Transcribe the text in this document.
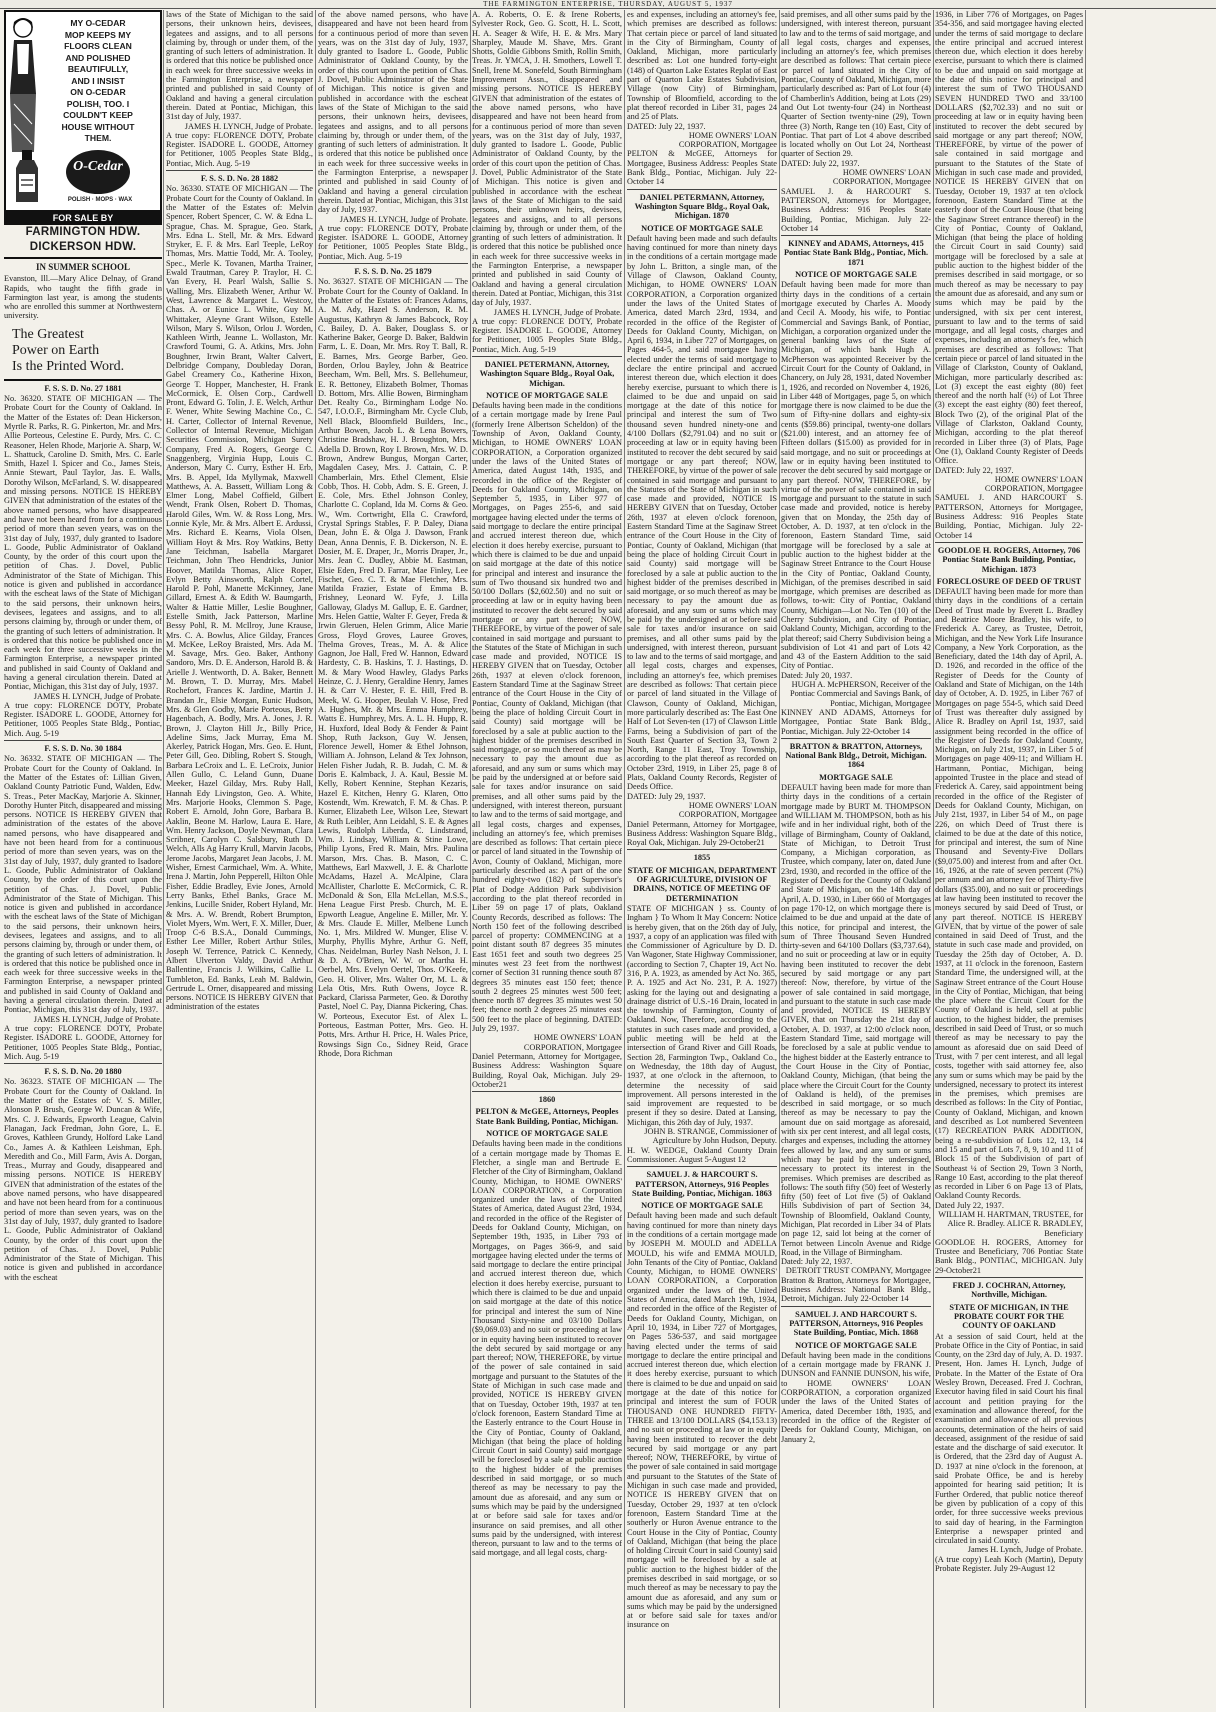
THE FARMINGTON ENTERPRISE, THURSDAY, AUGUST 5, 1937
MY O-CEDAR
MOP KEEPS MY
FLOORS CLEAN
AND POLISHED
BEAUTIFULLY,
AND I INSIST
ON O-CEDAR
POLISH, TOO. I
COULDN'T KEEP
HOUSE WITHOUT
THEM.
O-Cedar
POLISH · MOPS · WAX
FOR SALE BY
FARMINGTON HDW.
DICKERSON HDW.
IN SUMMER SCHOOL

Evanston, Ill.—Mary Alice Delnay, of Grand Rapids, who taught the fifth grade in Farmington last year, is among the students who are enrolled this summer at Northwestern university.

The Greatest
Power on Earth
Is the Printed Word.
F. S. S. D. No. 27 1881

No. 36320. STATE OF MICHIGAN — The Probate Court for the County of Oakland. In the Matter of the Estates of: Dean Hickerson, Myrtle R. Parks, R. G. Pinkerton, Mr. and Mrs. Allie Porteous, Celestine E. Purdy, Mrs. C. C. Reasoner, Helen Rhode, Marjorie A. Sharp, W. L. Shattuck, Caroline D. Smith, Mrs. C. Earle Smith, Hazel I. Spicer and Co., James Steis, Annie Stewart, Paul Taylor, Jas. E. Walls, Dorothy Wilson, McFarland, S. W. disappeared and missing persons. NOTICE IS HEREBY GIVEN that administration of the estates of the above named persons, who have disappeared and have not been heard from for a continuous period of more than seven years, was on the 31st day of July, 1937, duly granted to Isadore L. Goode, Public Administrator of Oakland County, by the order of this court upon the petition of Chas. J. Dovel, Public Administrator of the State of Michigan. This notice is given and published in accordance with the escheat laws of the State of Michigan to the said persons, their unknown heirs, devisees, legatees and assigns, and to all persons claiming by, through or under them, of the granting of such letters of administration. It is ordered that this notice be published once in each week for three successive weeks in the Farmington Enterprise, a newspaper printed and published in said County of Oakland and having a general circulation therein. Dated at Pontiac, Michigan, this 31st day of July, 1937.

JAMES H. LYNCH, Judge of Probate.

A true copy: FLORENCE DOTY, Probate Register. ISADORE L. GOODE, Attorney for Petitioner, 1005 Peoples State Bldg., Pontiac, Mich. Aug. 5-19

F. S. S. D. No. 30 1884

No. 36332. STATE OF MICHIGAN — The Probate Court for the County of Oakland. In the Matter of the Estates of: Lillian Given, Oakland County Patriotic Fund, Walden, Edw. S. Treas., Peter MacKay, Marjorie A. Skinner, Dorothy Hunter Pitch, disappeared and missing persons. NOTICE IS HEREBY GIVEN that administration of the estates of the above named persons, who have disappeared and have not been heard from for a continuous period of more than seven years, was on the 31st day of July, 1937, duly granted to Isadore L. Goode, Public Administrator of Oakland County, by the order of this court upon the petition of Chas. J. Dovel, Public Administrator of the State of Michigan. This notice is given and published in accordance with the escheat laws of the State of Michigan to the said persons, their unknown heirs, devisees, legatees and assigns, and to all persons claiming by, through or under them, of the granting of such letters of administration. It is ordered that this notice be published once in each week for three successive weeks in the Farmington Enterprise, a newspaper printed and published in said County of Oakland and having a general circulation therein. Dated at Pontiac, Michigan, this 31st day of July, 1937.

JAMES H. LYNCH, Judge of Probate.

A true copy: FLORENCE DOTY, Probate Register. ISADORE L. GOODE, Attorney for Petitioner, 1005 Peoples State Bldg., Pontiac, Mich. Aug. 5-19

F. S. S. D. No. 20 1880

No. 36323. STATE OF MICHIGAN — The Probate Court for the County of Oakland. In the Matter of the Estates of: V. S. Miller, Alonson P. Brush, George W. Duncan & Wife, Mrs. C. J. Edwards, Epworth League, Calvin Flanagan, Jack Fredman, John Gore, L. E. Groves, Kathleen Grundy, Holford Lake Land Co., James A. & Kathleen Leishman, Eph. Meredith and Co., Mill Farm, Avis A. Dorgan, Treas., Murray and Goudy, disappeared and missing persons. NOTICE IS HEREBY GIVEN that administration of the estates of the above named persons, who have disappeared and have not been heard from for a continuous period of more than seven years, was on the 31st day of July, 1937, duly granted to Isadore L. Goode, Public Administrator of Oakland County, by the order of this court upon the petition of Chas. J. Dovel, Public Administrator of the State of Michigan. This notice is given and published in accordance with the escheat

laws of the State of Michigan to the said persons, their unknown heirs, devisees, legatees and assigns, and to all persons claiming by, through or under them, of the granting of such letters of administration. It is ordered that this notice be published once in each week for three successive weeks in the Farmington Enterprise, a newspaper printed and published in said County of Oakland and having a general circulation therein. Dated at Pontiac, Michigan, this 31st day of July, 1937.

JAMES H. LYNCH, Judge of Probate.

A true copy: FLORENCE DOTY, Probate Register. ISADORE L. GOODE, Attorney for Petitioner, 1005 Peoples State Bldg., Pontiac, Mich. Aug. 5-19

F. S. S. D. No. 28 1882

No. 36330. STATE OF MICHIGAN — The Probate Court for the County of Oakland. In the Matter of the Estates of: Melvin Spencer, Robert Spencer, C. W. & Edna L. Sprague, Chas. M. Sprague, Geo. Stark, Mrs. Edna L. Stell, Mr. & Mrs. Edward Stryker, E. F. & Mrs. Earl Teeple, LeRoy Thomas, Mrs. Mattie Todd, Mr. A. Tooley, Spec., Merle K. Tovanen, Martha Trainer, Ewald Trautman, Carey P. Traylor, H. C. Van Every, H. Pearl Walsh, Sallie S. Walling, Mrs. Elizabeth Wener, Arthur W. West, Lawrence & Margaret L. Westcoy, Chas. A. or Eunice L. White, Guy M. Whittaker, Aleyne Grant Wilson, Estelle Wilson, Mary S. Wilson, Orlou J. Worden, Kathleen Wirth, Jeanne L. Wollaston, Mr. Crawford Toumi, G. A. Atkins, Mrs. John Boughner, Irwin Brant, Walter Calvert, Delbridge Company, Doubleday Doran, Gabel Creamery Co., Katherine Hixon, George T. Hopper, Manchester, H. Frank McCormick, E. Olsen Corp., Cardwell Pront, Edward G. Tolin, J. E. Welch, Arthur F. Wener, White Sewing Machine Co., C. H. Carter, Collector of Internal Revenue, Collector of Internal Revenue, Michigan Securities Commission, Michigan Surety Company, Fred A. Rogers, George C. Snaggenberg, Virginia Hupp, Louis C. Anderson, Mary C. Curry, Esther H. Erb, Mrs. B. Appel, Ida Myllymak, Maxwell Matthews, A. A. Bassett, William Long & Elmer Long, Mabel Coffield, Gilbert Wendt, Frank Olsen, Robert D. Thomas, Harold Giles, Wm. W. & Ross Long, Mrs. Lonnie Kyle, Mr. & Mrs. Albert E. Ardussi, Mrs. Richard E. Kearns, Viola Olsen, William Hoyt & Mrs. Roy Watkins, Betty Jane Teichman, Isabella Margaret Teichman, John Theo Hendricks, Junior Hoover, Matilda Thomas, Alice Roper, Evlyn Betty Ainsworth, Ralph Cortel, Harold P. Pohl, Manette McKinney, Jane Gillard, Ernest A. & Edith W. Baumgarth, Walter & Hattie Miller, Leslie Boughner, Estelle Smith, Jack Patterson, Marline Bessy Pohl, R. M. McIlroy, June Krause, Mrs. C. A. Bowlus, Alice Gilday, Frances M. McKee, LeRoy Braisted, Mrs. Ada M. M. Savage, Mrs. Geo. Baker, Anthony Sandoro, Mrs. D. E. Anderson, Harold B. & Arielle J. Wentworth, D. A. Baker, Bennett M. Brown, T. D. Murray, Mrs. Mabel Rochefort, Frances K. Jardine, Martin J. Brandan Jr., Elsie Morgan, Eunic Hudson, Mrs. & Glen Godby, Marie Porteous, Betty Hagenbach, A. Bodly, Mrs. A. Jones, J. R. Brown, J. Clayton Hill Jr., Billy Price, Adeline Sims, Jack Murray, Ema M. Akerley, Patrick Hogan, Mrs. Geo. E. Hunt, Peter Gill, Geo. Dibling, Robert S. Stough, Barbara LeCroix and L. E. LeCroix, Junior Allen Gullo, C. Leland Gunn, Duane Meeker, Hazel Gilday, Mrs. Ruby Hall, Hannah Edy Livingston, Geo. A. White, Mrs. Marjorie Hooks, Clemmon S. Page, Robert E. Arnold, John Gore, Barbara B. Aaklin, Beone M. Harlow, Laura E. Hare, Wm. Henry Jackson, Doyle Newman, Clara Scribner, Carolyn C. Salsbury, Ruth D. Welch, Alls Ag Harry Krull, Marvin Jacobs, Jerome Jacobs, Margaret Jean Jacobs, J. M. Wisher, Ernest Carmichael, Wm. A. White, Irena J. Martin, John Pepperell, Hilton Ohle Fisher, Eddie Bradley, Evie Jones, Arnold Lerry Banks, Ethel Banks, Grace M. Jenkins, Lucille Snider, Robert Hyland, Mr. & Mrs. A. W. Brendt, Robert Brumpton, Violet Myers, Wm. Wert, F. X. Miller, Duer, Troop C-6 B.S.A., Donald Cummings, Esther Lee Miller, Robert Arthur Stiles, Joseph W. Terrence, Patrick C. Kennedy, Albert Ulverton Valdy, David Arthur Ballentine, Francis J. Wilkins, Callie L. Tumbleton, Ed. Banks, Leah M. Baldwin, Gertrude L. Orner, disappeared and missing persons. NOTICE IS HEREBY GIVEN that administration of the estates

of the above named persons, who have disappeared and have not been heard from for a continuous period of more than seven years, was on the 31st day of July, 1937, duly granted to Isadore L. Goode, Public Administrator of Oakland County, by the order of this court upon the petition of Chas. J. Dovel, Public Administrator of the State of Michigan. This notice is given and published in accordance with the escheat laws of the State of Michigan to the said persons, their unknown heirs, devisees, legatees and assigns, and to all persons claiming by, through or under them, of the granting of such letters of administration. It is ordered that this notice be published once in each week for three successive weeks in the Farmington Enterprise, a newspaper printed and published in said County of Oakland and having a general circulation therein. Dated at Pontiac, Michigan, this 31st day of July, 1937.

JAMES H. LYNCH, Judge of Probate.

A true copy: FLORENCE DOTY, Probate Register. ISADORE L. GOODE, Attorney for Petitioner, 1005 Peoples State Bldg., Pontiac, Mich. Aug. 5-19

F. S. S. D. No. 25 1879

No. 36327. STATE OF MICHIGAN — The Probate Court for the County of Oakland. In the Matter of the Estates of: Frances Adams, A. M. Ady, Hazel S. Anderson, R. M. Augustus, Kathryn & James Babcock, Roy C. Bailey, D. A. Baker, Douglass S. or Katherine Baker, George D. Baker, Baldwin Farm, L. E. Doan, Mr. Mrs. Roy T. Ball, R. E. Barnes, Mrs. George Barber, Geo. Borden, Orlou Bayley, John & Beatrice Beecham, Wm. Bell, Mrs. S. Bellehumeur, E. R. Bettoney, Elizabeth Bolmer, Thomas D. Bottom, Mrs. Allie Bowen, Birmingham Det. Realty Co., Birmingham Lodge No. 547, I.O.O.F., Birmingham Mr. Cycle Club, Nell Black, Bloomfield Builders, Inc., Arthur Bowen, Jacob L. & Lena Bowers, Christine Bradshaw, H. J. Broughton, Mrs. Adella D. Brown, Roy I. Brown, Mrs. W. D. Brown, Andrew Bungus, Morgan Carter, Magdalen Casey, Mrs. J. Cattain, C. P. Chamberlain, Mrs. Ethel Clement, Elsie Cobb, Thos. H. Cobb, Adm. S. E. Green, J. E. Cole, Mrs. Ethel Johnson Conley, Charlotte C. Copland, Ida M. Corns & Geo. W., Wm. Cortwright, Ella C. Crawford, Crystal Springs Stables, F. P. Daley, Diana Dean, John E. & Olga J. Dawson, Frank Dean, Anna Dennis, F. B. Dickerson, N. E. Dosier, M. E. Draper, Jr., Morris Draper, Jr., Mrs. Jean C. Dudley, Abbie M. Eastman, Elsie Eden, Fred D. Farrar, Mae Finley, Lee Fischet, Geo. C. T. & Mae Fletcher, Mrs. Matilda Frazier, Estate of Emma B. Frishney, Leonard W. Fyfe, J. Lilla Galloway, Gladys M. Gallup, E. E. Gardner, Mrs. Helen Gattie, Walter F. Geyer, Freda & Irwin Gleruen, Helen Grimm, Alice Marie Gross, Floyd Groves, Lauree Groves, Thelma Groves, Treas., M. A. & Alice Gagnon, Joe Hall, Fred W. Hannon, Edward Hardesty, C. B. Haskins, T. J. Hastings, D. M. & Mary Wood Hawley, Gladys Parks Heinze, C. J. Henry, Geraldine Henry, James H. & Carr V. Hester, F. E. Hill, Fred B. Meek, W. G. Hooper, Beulah V. Hose, Fred A. Hughes, Mr. & Mrs. Emma Humphrey, Watts E. Humphrey, Mrs. A. L. H. Hupp, R. H. Huxford, Ideal Body & Fender & Paint Shop, Ruth Jackson, Guy W. Jensen, Florence Jewell, Homer & Ethel Johnson, William A. Johnson, Leland & Tex Johnson, Helen Fisher Judah, R. B. Judah, C. M. & Doris E. Kalmback, J. A. Kaul, Bessie M. Kelly, Robert Kennine, Stephan Kezaris, Hazel E. Kitchen, Henry G. Klaren, Otto Kostendt, Wm. Krewatch, F. M. & Chas. P. Kurner, Elizabeth Lee, Wilson Lee, Stewart & Ruth Leibler, Ann Leidahl, S. E. & Agnes Lewis, Rudolph Liberda, C. Lindstrand, Wm. J. Lindsay, William & Stine Lowe, Philip Lyons, Fred R. Main, Mrs. Paulina Marson, Mrs. Chas. B. Mason, C. C. Matthews, Earl Maxwell, J. E. & Charlotte McAdams, Hazel A. McAlpine, Clara McAllister, Charlotte E. McCormick, C. R. McDonald & Son, Ella McLellan, M.S.S., Hena League First Presb. Church, M. E. Epworth League, Angeline E. Miller, Mr. Y. & Mrs. Claude E. Miller, Melbene Lunch No. 1, Mrs. Mildred W. Munger, Elise V. Murphy, Phyllis Myhre, Arthur G. Neff, Chas. Neidelman, Burley Nash Nelson, J. I. & D. A. O'Brien, W. W. or Martha H. Oerbel, Mrs. Evelyn Oertel, Thos. O'Keefe, Geo. H. Oliver, Mrs. Walter Orr, M. L. & Lela Otis, Mrs. Ruth Owens, Joyce R. Packard, Clarissa Parmeter, Geo. & Dorothy Pastel, Noel C. Pay, Dianna Pickering, Chas. W. Porteous, Executor Est. of Alex L. Porteous, Eastman Potter, Mrs. Geo. H. Potts, Mrs. Arthur H. Price, H. Wales Price, Rowsings Sign Co., Sidney Reid, Grace Rhode, Dora Richman

A. A. Roberts, O. E. & Irene Roberts, Sylvester Rock, Geo. G. Scott, H. L. Scott, H. A. Seager & Wife, H. E. & Mrs. Mary Sharpley, Maude M. Shave, Mrs. Grant Shotts, Goldie Gibbons Smith, Rollin Smith, Treas. Jr. YMCA, J. H. Smothers, Lowell T. Snell, Irene M. Sonefeld, South Birmingham Improvement Assn., disappeared and missing persons. NOTICE IS HEREBY GIVEN that administration of the estates of the above named persons, who have disappeared and have not been heard from for a continuous period of more than seven years, was on the 31st day of July, 1937, duly granted to Isadore L. Goode, Public Administrator of Oakland County, by the order of this court upon the petition of Chas. J. Dovel, Public Administrator of the State of Michigan. This notice is given and published in accordance with the escheat laws of the State of Michigan to the said persons, their unknown heirs, devisees, legatees and assigns, and to all persons claiming by, through or under them, of the granting of such letters of administration. It is ordered that this notice be published once in each week for three successive weeks in the Farmington Enterprise, a newspaper printed and published in said County of Oakland and having a general circulation therein. Dated at Pontiac, Michigan, this 31st day of July, 1937.

JAMES H. LYNCH, Judge of Probate.

A true copy: FLORENCE DOTY, Probate Register. ISADORE L. GOODE, Attorney for Petitioner, 1005 Peoples State Bldg., Pontiac, Mich. Aug. 5-19

DANIEL PETERMANN, Attorney, Washington Square Bldg., Royal Oak, Michigan.
NOTICE OF MORTGAGE SALE

Defaults having been made in the conditions of a certain mortgage made by Irene Paul (formerly Irene Albertson Scheldon) of the Township of Avon, Oakland County, Michigan, to HOME OWNERS' LOAN CORPORATION, a Corporation organized under the laws of the United States of America, dated August 14th, 1935, and recorded in the office of the Register of Deeds for Oakland County, Michigan, on September 5, 1935, in Liber 977 of Mortgages, on Pages 255-6, and said mortgagee having elected under the terms of said mortgage to declare the entire principal and accrued interest thereon due, which election it does hereby exercise, pursuant to which there is claimed to be due and unpaid on said mortgage at the date of this notice for principal and interest and insurance the sum of Two thousand six hundred two and 50/100 Dollars ($2,602.50) and no suit or proceeding at law or in equity having been instituted to recover the debt secured by said mortgage or any part thereof; NOW, THEREFORE, by virtue of the power of sale contained in said mortgage and pursuant to the Statutes of the State of Michigan in such case made and provided, NOTICE IS HEREBY GIVEN that on Tuesday, October 26th, 1937 at eleven o'clock forenoon, Eastern Standard Time at the Saginaw Street entrance of the Court House in the City of Pontiac, County of Oakland, Michigan (that being the place of holding Circuit Court in said County) said mortgage will be foreclosed by a sale at public auction to the highest bidder of the premises described in said mortgage, or so much thereof as may be necessary to pay the amount due as aforesaid, and any sum or sums which may be paid by the undersigned at or before said sale for taxes and/or insurance on said premises, and all other sums paid by the undersigned, with interest thereon, pursuant to law and to the terms of said mortgage, and all legal costs, charges and expenses, including an attorney's fee, which premises are described as follows: That certain piece or parcel of land situated in the Township of Avon, County of Oakland, Michigan, more particularly described as: A part of the one hundred eighty-two (182) of Supervisor's Plat of Dodge Addition Park subdivision according to the plat thereof recorded in Liber 59 on page 17 of plats, Oakland County Records, described as follows: The North 150 feet of the following described parcel of property: COMMENCING at a point distant south 87 degrees 35 minutes East 1651 feet and south two degrees 25 minutes west 23 feet from the northwest corner of Section 31 running thence south 87 degrees 35 minutes east 150 feet; thence south 2 degrees 25 minutes west 500 feet; thence north 87 degrees 35 minutes west 50 feet; thence north 2 degrees 25 minutes east 500 feet to the place of beginning. DATED: July 29, 1937.

HOME OWNERS' LOAN CORPORATION, Mortgagee

Daniel Petermann, Attorney for Mortgagee, Business Address: Washington Square Building, Royal Oak, Michigan. July 29-October21

1860
PELTON & McGEE, Attorneys, Peoples State Bank Building, Pontiac, Michigan.
NOTICE OF MORTGAGE SALE

Defaults having been made in the conditions of a certain mortgage made by Thomas E. Fletcher, a single man and Bertrude E. Fletcher of the City of Birmingham, Oakland County, Michigan, to HOME OWNERS' LOAN CORPORATION, a Corporation organized under the laws of the United States of America, dated August 23rd, 1934, and recorded in the office of the Register of Deeds for Oakland County, Michigan, on September 19th, 1935, in Liber 793 of Mortgages, on Pages 366-9, and said mortgagee having elected under the terms of said mortgage to declare the entire principal and accrued interest thereon due, which election it does hereby exercise, pursuant to which there is claimed to be due and unpaid on said mortgage at the date of this notice for principal and interest the sum of Nine Thousand Sixty-nine and 03/100 Dollars ($9,069.03) and no suit or proceeding at law or in equity having been instituted to recover the debt secured by said mortgage or any part thereof; NOW, THEREFORE, by virtue of the power of sale contained in said mortgage and pursuant to the Statutes of the State of Michigan in such case made and provided, NOTICE IS HEREBY GIVEN that on Tuesday, October 19th, 1937 at ten o'clock forenoon, Eastern Standard Time at the Easterly entrance to the Court House in the City of Pontiac, County of Oakland, Michigan (that being the place of holding Circuit Court in said County) said mortgage will be foreclosed by a sale at public auction to the highest bidder of the premises described in said mortgage, or so much thereof as may be necessary to pay the amount due as aforesaid, and any sum or sums which may be paid by the undersigned at or before said sale for taxes and/or insurance on said premises, and all other sums paid by the undersigned, with interest thereon, pursuant to law and to the terms of said mortgage, and all legal costs, charg-

es and expenses, including an attorney's fee, which premises are described as follows: That certain piece or parcel of land situated in the City of Birmingham, County of Oakland, Michigan, more particularly described as: Lot one hundred forty-eight (148) of Quarton Lake Estates Replat of East part of Quarton Lake Estates Subdivision, Village (now City) of Birmingham, Township of Bloomfield, according to the plat thereof recorded in Liber 31, pages 24 and 25 of Plats.

DATED: July 22, 1937.

HOME OWNERS' LOAN CORPORATION, Mortgagee

PELTON & McGEE, Attorneys for Mortgagee, Business Address: Peoples State Bank Bldg., Pontiac, Michigan. July 22-October 14

DANIEL PETERMANN, Attorney, Washington Square Bldg., Royal Oak, Michigan. 1870
NOTICE OF MORTGAGE SALE

Default having been made and such defaults having continued for more than ninety days in the conditions of a certain mortgage made by John L. Britton, a single man, of the Village of Clawson, Oakland County, Michigan, to HOME OWNERS' LOAN CORPORATION, a Corporation organized under the laws of the United States of America, dated March 23rd, 1934, and recorded in the office of the Register of Deeds for Oakland County, Michigan, on April 6, 1934, in Liber 727 of Mortgages, on Pages 464-5, and said mortgagee having elected under the terms of said mortgage to declare the entire principal and accrued interest thereon due, which election it does hereby exercise, pursuant to which there is claimed to be due and unpaid on said mortgage at the date of this notice for principal and interest the sum of Two thousand seven hundred ninety-one and 4/100 Dollars ($2,791.04) and no suit or proceeding at law or in equity having been instituted to recover the debt secured by said mortgage or any part thereof; NOW, THEREFORE, by virtue of the power of sale contained in said mortgage and pursuant to the Statutes of the State of Michigan in such case made and provided, NOTICE IS HEREBY GIVEN that on Tuesday, October 26th, 1937 at eleven o'clock forenoon, Eastern Standard Time at the Saginaw Street entrance of the Court House in the City of Pontiac, County of Oakland, Michigan (that being the place of holding Circuit Court in said County) said mortgage will be foreclosed by a sale at public auction to the highest bidder of the premises described in said mortgage, or so much thereof as may be necessary to pay the amount due as aforesaid, and any sum or sums which may be paid by the undersigned at or before said sale for taxes and/or insurance on said premises, and all other sums paid by the undersigned, with interest thereon, pursuant to law and to the terms of said mortgage, and all legal costs, charges and expenses, including an attorney's fee, which premises are described as follows: That certain piece or parcel of land situated in the Village of Clawson, County of Oakland, Michigan, more particularly described as: The East One Half of Lot Seven-ten (17) of Clawson Little Farms, being a Subdivision of part of the South East Quarter of Section 33, Town 2 North, Range 11 East, Troy Township, according to the plat thereof as recorded on October 23rd, 1919, in Liber 25, page 8 of Plats, Oakland County Records, Register of Deeds Office.

DATED: July 29, 1937.

HOME OWNERS' LOAN CORPORATION, Mortgagee

Daniel Petermann, Attorney for Mortgagee, Business Address: Washington Square Bldg., Royal Oak, Michigan. July 29-October21

1855
STATE OF MICHIGAN, DEPARTMENT OF AGRICULTURE, DIVISION OF DRAINS, NOTICE OF MEETING OF DETERMINATION

STATE OF MICHIGAN } ss. County of Ingham } To Whom It May Concern: Notice is hereby given, that on the 26th day of July, 1937, a copy of an application was filed with the Commissioner of Agriculture by D. D. Van Wagoner, State Highway Commissioner, (according to Section 7, Chapter 19, Act No. 316, P. A. 1923, as amended by Act No. 365, P. A. 1925 and Act No. 231, P. A. 1927) asking for the laying out and designating a drainage district of U.S.-16 Drain, located in the township of Farmington, County of Oakland. Now, Therefore, according to the statutes in such cases made and provided, a public meeting will be held at the intersection of Grand River and Gill Roads, Section 28, Farmington Twp., Oakland Co., on Wednesday, the 18th day of August, 1937, at one o'clock in the afternoon, to determine the necessity of said improvement. All persons interested in the said improvement are requested to be present if they so desire. Dated at Lansing, Michigan, this 26th day of July, 1937.

JOHN B. STRANGE, Commissioner of Agriculture by John Hudson, Deputy.

H. W. WEDGE, Oakland County Drain Commissioner. August 5-August 12

SAMUEL J. & HARCOURT S. PATTERSON, Attorneys, 916 Peoples State Building, Pontiac, Michigan. 1863
NOTICE OF MORTGAGE SALE

Default having been made and such default having continued for more than ninety days in the conditions of a certain mortgage made by JOSEPH M. MOULD and ADELLA MOULD, his wife and EMMA MOULD, John Tenants of the City of Pontiac, Oakland County, Michigan, to HOME OWNERS' LOAN CORPORATION, a Corporation organized under the laws of the United States of America, dated March 19th, 1934, and recorded in the office of the Register of Deeds for Oakland County, Michigan, on April 10, 1934, in Liber 727 of Mortgages, on Pages 536-537, and said mortgagee having elected under the terms of said mortgage to declare the entire principal and accrued interest thereon due, which election it does hereby exercise, pursuant to which there is claimed to be due and unpaid on said mortgage at the date of this notice for principal and interest the sum of FOUR THOUSAND ONE HUNDRED FIFTY-THREE and 13/100 DOLLARS ($4,153.13) and no suit or proceeding at law or in equity having been instituted to recover the debt secured by said mortgage or any part thereof; NOW, THEREFORE, by virtue of the power of sale contained in said mortgage and pursuant to the Statutes of the State of Michigan in such case made and provided, NOTICE IS HEREBY GIVEN that on Tuesday, October 29, 1937 at ten o'clock forenoon, Eastern Standard Time at the southerly or Huron Avenue entrance to the Court House in the City of Pontiac, County of Oakland, Michigan (that being the place of holding Circuit Court in said County) said mortgage will be foreclosed by a sale at public auction to the highest bidder of the premises described in said mortgage, or so much thereof as may be necessary to pay the amount due as aforesaid, and any sum or sums which may be paid by the undersigned at or before said sale for taxes and/or insurance on

said premises, and all other sums paid by the undersigned, with interest thereon, pursuant to law and to the terms of said mortgage, and all legal costs, charges and expenses, including an attorney's fee, which premises are described as follows: That certain piece or parcel of land situated in the City of Pontiac, County of Oakland, Michigan, more particularly described as: Part of Lot four (4) of Chamberlin's Addition, being at Lots (29) and Out Lot twenty-four (24) in Northeast Quarter of Section twenty-nine (29), Town three (3) North, Range ten (10) East, City of Pontiac. That part of Lot 4 above described is located wholly on Out Lot 24, Northeast quarter of Section 29.

DATED: July 22, 1937.

HOME OWNERS' LOAN CORPORATION, Mortgagee

SAMUEL J. & HARCOURT S. PATTERSON, Attorneys for Mortgagee, Business Address: 916 Peoples State Building, Pontiac, Michigan. July 22-October 14

KINNEY and ADAMS, Attorneys, 415 Pontiac State Bank Bldg., Pontiac, Mich. 1871
NOTICE OF MORTGAGE SALE

Default having been made for more than thirty days in the conditions of a certain mortgage executed by Charles A. Moody and Cecil A. Moody, his wife, to Pontiac Commercial and Savings Bank, of Pontiac, Michigan, a corporation organized under the general banking laws of the State of Michigan, of which bank Hugh A. McPherson was appointed Receiver by the Circuit Court for the County of Oakland, in Chancery, on July 28, 1931, dated November 1, 1926, and recorded on November 4, 1926, in Liber 448 of Mortgages, page 5, on which mortgage there is now claimed to be due the sum of Fifty-nine dollars and eighty-six cents ($59.86) principal, twenty-one dollars ($21.00) interest, and an attorney fee of Fifteen dollars ($15.00) as provided for in said mortgage, and no suit or proceedings at law or in equity having been instituted to recover the debt secured by said mortgage or any part thereof. NOW, THEREFORE, by virtue of the power of sale contained in said mortgage and pursuant to the statute in such case made and provided, notice is hereby given that on Monday, the 25th day of October, A. D. 1937, at ten o'clock in the forenoon, Eastern Standard Time, said mortgage will be foreclosed by a sale at public auction to the highest bidder at the Saginaw Street Entrance to the Court House in the City of Pontiac, Oakland County, Michigan, of the premises described in said mortgage, which premises are described as follows, to-wit: City of Pontiac, Oakland County, Michigan—Lot No. Ten (10) of the Cherry Subdivision, and City of Pontiac, Oakland County, Michigan, according to the plat thereof; said Cherry Subdivision being a subdivision of Lot 41 and part of Lots 42 and 43 of the Eastern Addition to the said City of Pontiac.

Dated: July 20, 1937.

HUGH A. McPHERSON, Receiver of the Pontiac Commercial and Savings Bank, of Pontiac, Michigan, Mortgagee

KINNEY AND ADAMS, Attorneys for Mortgagee, Pontiac State Bank Bldg., Pontiac, Michigan. July 22-October 14

BRATTON & BRATTON, Attorneys, National Bank Bldg., Detroit, Michigan. 1864
MORTGAGE SALE

DEFAULT having been made for more than thirty days in the conditions of a certain mortgage made by BURT M. THOMPSON and WILLIAM M. THOMPSON, both as his wife and in her individual right, both of the village of Birmingham, County of Oakland, State of Michigan, to Detroit Trust Company, a Michigan corporation, as Trustee, which company, later on, dated June 23rd, 1930, and recorded in the office of the Register of Deeds for the County of Oakland and State of Michigan, on the 14th day of April, A. D. 1930, in Liber 660 of Mortgages on page 170-12, on which mortgage there is claimed to be due and unpaid at the date of this notice, for principal and interest, the sum of Three Thousand Seven Hundred thirty-seven and 64/100 Dollars ($3,737.64), and no suit or proceeding at law or in equity having been instituted to recover the debt secured by said mortgage or any part thereof: Now, therefore, by virtue of the power of sale contained in said mortgage, and pursuant to the statute in such case made and provided, NOTICE IS HEREBY GIVEN, that on Thursday the 21st day of October, A. D. 1937, at 12:00 o'clock noon, Eastern Standard Time, said mortgage will be foreclosed by a sale at public vendue to the highest bidder at the Easterly entrance to the Court House in the City of Pontiac, Oakland County, Michigan, (that being the place where the Circuit Court for the County of Oakland is held), of the premises described in said mortgage, or so much thereof as may be necessary to pay the amount due on said mortgage as aforesaid, with six per cent interest, and all legal costs, charges and expenses, including the attorney fees allowed by law, and any sum or sums which may be paid by the undersigned, necessary to protect its interest in the premises. Which premises are described as follows: The south fifty (50) feet of Westerly fifty (50) feet of Lot five (5) of Oakland Hills Subdivision of part of Section 34, Township of Bloomfield, Oakland County, Michigan, Plat recorded in Liber 34 of Plats on page 12, said lot being at the corner of Ternot between Lincoln Avenue and Ridge Road, in the Village of Birmingham.

Dated: July 22, 1937.

DETROIT TRUST COMPANY, Mortgagee

Bratton & Bratton, Attorneys for Mortgagee, Business Address: National Bank Bldg., Detroit, Michigan. July 22-October 14

SAMUEL J. AND HARCOURT S. PATTERSON, Attorneys, 916 Peoples State Building, Pontiac, Mich. 1868
NOTICE OF MORTGAGE SALE

Default having been made in the conditions of a certain mortgage made by FRANK J. DUNSON and FANNIE DUNSON, his wife, to HOME OWNERS' LOAN CORPORATION, a corporation organized under the laws of the United States of America, dated December 18th, 1935, and recorded in the office of the Register of Deeds for Oakland County, Michigan, on January 2,

1936, in Liber 776 of Mortgages, on Pages 354-356, and said mortgagee having elected under the terms of said mortgage to declare the entire principal and accrued interest thereon due, which election it does hereby exercise, pursuant to which there is claimed to be due and unpaid on said mortgage at the date of this notice for principal and interest the sum of TWO THOUSAND SEVEN HUNDRED TWO and 33/100 DOLLARS ($2,702.33) and no suit or proceeding at law or in equity having been instituted to recover the debt secured by said mortgage or any part thereof; NOW, THEREFORE, by virtue of the power of sale contained in said mortgage and pursuant to the Statutes of the State of Michigan in such case made and provided, NOTICE IS HEREBY GIVEN that on Tuesday, October 19, 1937 at ten o'clock forenoon, Eastern Standard Time at the easterly door of the Court House (that being the Saginaw Street entrance thereof) in the City of Pontiac, County of Oakland, Michigan (that being the place of holding the Circuit Court in said County) said mortgage will be foreclosed by a sale at public auction to the highest bidder of the premises described in said mortgage, or so much thereof as may be necessary to pay the amount due as aforesaid, and any sum or sums which may be paid by the undersigned, with six per cent interest, pursuant to law and to the terms of said mortgage, and all legal costs, charges and expenses, including an attorney's fee, which premises are described as follows: That certain piece or parcel of land situated in the Village of Clarkston, County of Oakland, Michigan, more particularly described as: Lot (3) except the east eighty (80) feet thereof and the north half (½) of Lot Three (3) except the east eighty (80) feet thereof, Block Two (2), of the original Plat of the Village of Clarkston, Oakland County, Michigan, according to the plat thereof recorded in Liber three (3) of Plats, Page One (1), Oakland County Register of Deeds Office.

DATED: July 22, 1937.

HOME OWNERS' LOAN CORPORATION, Mortgagee

SAMUEL J. AND HARCOURT S. PATTERSON, Attorneys for Mortgagee, Business Address: 916 Peoples State Building, Pontiac, Michigan. July 22-October 14

GOODLOE H. ROGERS, Attorney, 706 Pontiac State Bank Building, Pontiac, Michigan. 1873
FORECLOSURE OF DEED OF TRUST

DEFAULT having been made for more than thirty days in the conditions of a certain Deed of Trust made by Everett L. Bradley and Beatrice Moore Bradley, his wife, to Frederick A. Carey, as Trustee, Detroit, Michigan, and the New York Life Insurance Company, a New York Corporation, as the Beneficiary, dated the 14th day of April, A. D. 1926, and recorded in the office of the Register of Deeds for the County of Oakland and State of Michigan, on the 14th day of October, A. D. 1925, in Liber 767 of Mortgages on page 554-5, which said Deed of Trust was thereafter duly assigned by Alice R. Bradley on April 1st, 1937, said assignment being recorded in the office of the Register of Deeds for Oakland County, Michigan, on July 21st, 1937, in Liber 5 of Mortgages on page 409-11; and William H. Hartmann, Pontiac, Michigan, being appointed Trustee in the place and stead of Frederick A. Carey, said appointment being recorded in the office of the Register of Deeds for Oakland County, Michigan, on July 21st, 1937, in Liber 54 of M., on page 226, on which Deed of Trust there is claimed to be due at the date of this notice, for principal and interest, the sum of Nine Thousand and Seventy-Five Dollars ($9,075.00) and interest from and after Oct. 16, 1926, at the rate of seven percent (7%) per annum and an attorney fee of Thirty-five dollars ($35.00), and no suit or proceedings at law having been instituted to recover the moneys secured by said Deed of Trust, or any part thereof. NOTICE IS HEREBY GIVEN, that by virtue of the power of sale contained in said Deed of Trust, and the statute in such case made and provided, on Tuesday the 25th day of October, A. D. 1937, at 11 o'clock in the forenoon, Eastern Standard Time, the undersigned will, at the Saginaw Street entrance of the Court House in the City of Pontiac, Michigan, that being the place where the Circuit Court for the County of Oakland is held, sell at public auction, to the highest bidder, the premises described in said Deed of Trust, or so much thereof as may be necessary to pay the amount as aforesaid due on said Deed of Trust, with 7 per cent interest, and all legal costs, together with said attorney fee, also any sum or sums which may be paid by the undersigned, necessary to protect its interest in the premises, which premises are described as follows: In the City of Pontiac, County of Oakland, Michigan, and known and described as Lot numbered Seventeen (17) RECREATION PARK ADDITION, being a re-subdivision of Lots 12, 13, 14 and 15 and part of Lots 7, 8, 9, 10 and 11 of Block 15 of the Subdivision of part of Southeast ¼ of Section 29, Town 3 North, Range 10 East, according to the plat thereof as recorded in Liber 6 on Page 13 of Plats, Oakland County Records.

Dated July 22, 1937.

WILLIAM H. HARTMAN, TRUSTEE, for Alice R. Bradley. ALICE R. BRADLEY, Beneficiary

GOODLOE H. ROGERS, Attorney for Trustee and Beneficiary, 706 Pontiac State Bank Bldg., PONTIAC, MICHIGAN. July 29-October21

FRED J. COCHRAN, Attorney, Northville, Michigan.
STATE OF MICHIGAN, IN THE PROBATE COURT FOR THE COUNTY OF OAKLAND

At a session of said Court, held at the Probate Office in the City of Pontiac, in said County, on the 23rd day of July, A. D. 1937. Present, Hon. James H. Lynch, Judge of Probate. In the Matter of the Estate of Ora Wesley Brown, Deceased. Fred J. Cochran, Executor having filed in said Court his final account and petition praying for the examination and allowance thereof, for the examination and allowance of all previous accounts, determination of the heirs of said deceased, assignment of the residue of said estate and the discharge of said executor. It is Ordered, that the 23rd day of August A. D. 1937 at nine o'clock in the forenoon, at said Probate Office, be and is hereby appointed for hearing said petition; It is Further Ordered, that public notice thereof be given by publication of a copy of this order, for three successive weeks previous to said day of hearing, in the Farmington Enterprise a newspaper printed and circulated in said County.

James H. Lynch, Judge of Probate.

(A true copy) Leah Koch (Martin), Deputy Probate Register. July 29-August 12
